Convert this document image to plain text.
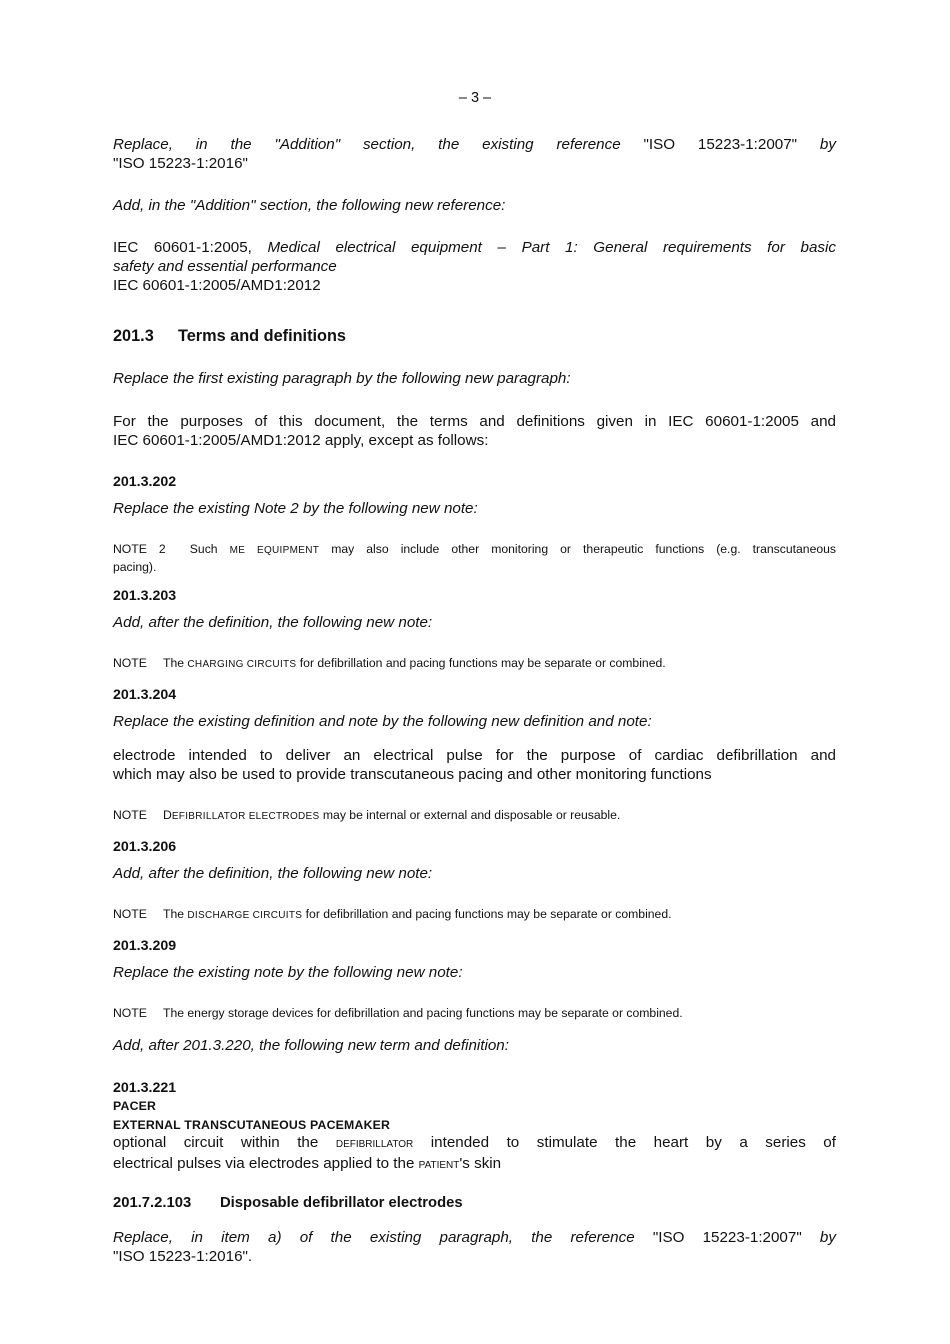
– 3 –
Replace, in the "Addition" section, the existing reference "ISO 15223-1:2007" by
"ISO 15223-1:2016"
Add, in the "Addition" section, the following new reference:
IEC 60601-1:2005, Medical electrical equipment – Part 1: General requirements for basic
safety and essential performance
IEC 60601-1:2005/AMD1:2012
201.3 Terms and definitions
Replace the first existing paragraph by the following new paragraph:
For the purposes of this document, the terms and definitions given in IEC 60601-1:2005 and
IEC 60601-1:2005/AMD1:2012 apply, except as follows:
201.3.202
Replace the existing Note 2 by the following new note:
NOTE 2 Such ME EQUIPMENT may also include other monitoring or therapeutic functions (e.g. transcutaneous
pacing).
201.3.203
Add, after the definition, the following new note:
NOTE The CHARGING CIRCUITS for defibrillation and pacing functions may be separate or combined.
201.3.204
Replace the existing definition and note by the following new definition and note:
electrode intended to deliver an electrical pulse for the purpose of cardiac defibrillation and
which may also be used to provide transcutaneous pacing and other monitoring functions
NOTE DEFIBRILLATOR ELECTRODES may be internal or external and disposable or reusable.
201.3.206
Add, after the definition, the following new note:
NOTE The DISCHARGE CIRCUITS for defibrillation and pacing functions may be separate or combined.
201.3.209
Replace the existing note by the following new note:
NOTE The energy storage devices for defibrillation and pacing functions may be separate or combined.
Add, after 201.3.220, the following new term and definition:
201.3.221
PACER
EXTERNAL TRANSCUTANEOUS PACEMAKER
optional circuit within the DEFIBRILLATOR intended to stimulate the heart by a series of
electrical pulses via electrodes applied to the PATIENT's skin
201.7.2.103 Disposable defibrillator electrodes
Replace, in item a) of the existing paragraph, the reference "ISO 15223-1:2007" by
"ISO 15223-1:2016".
